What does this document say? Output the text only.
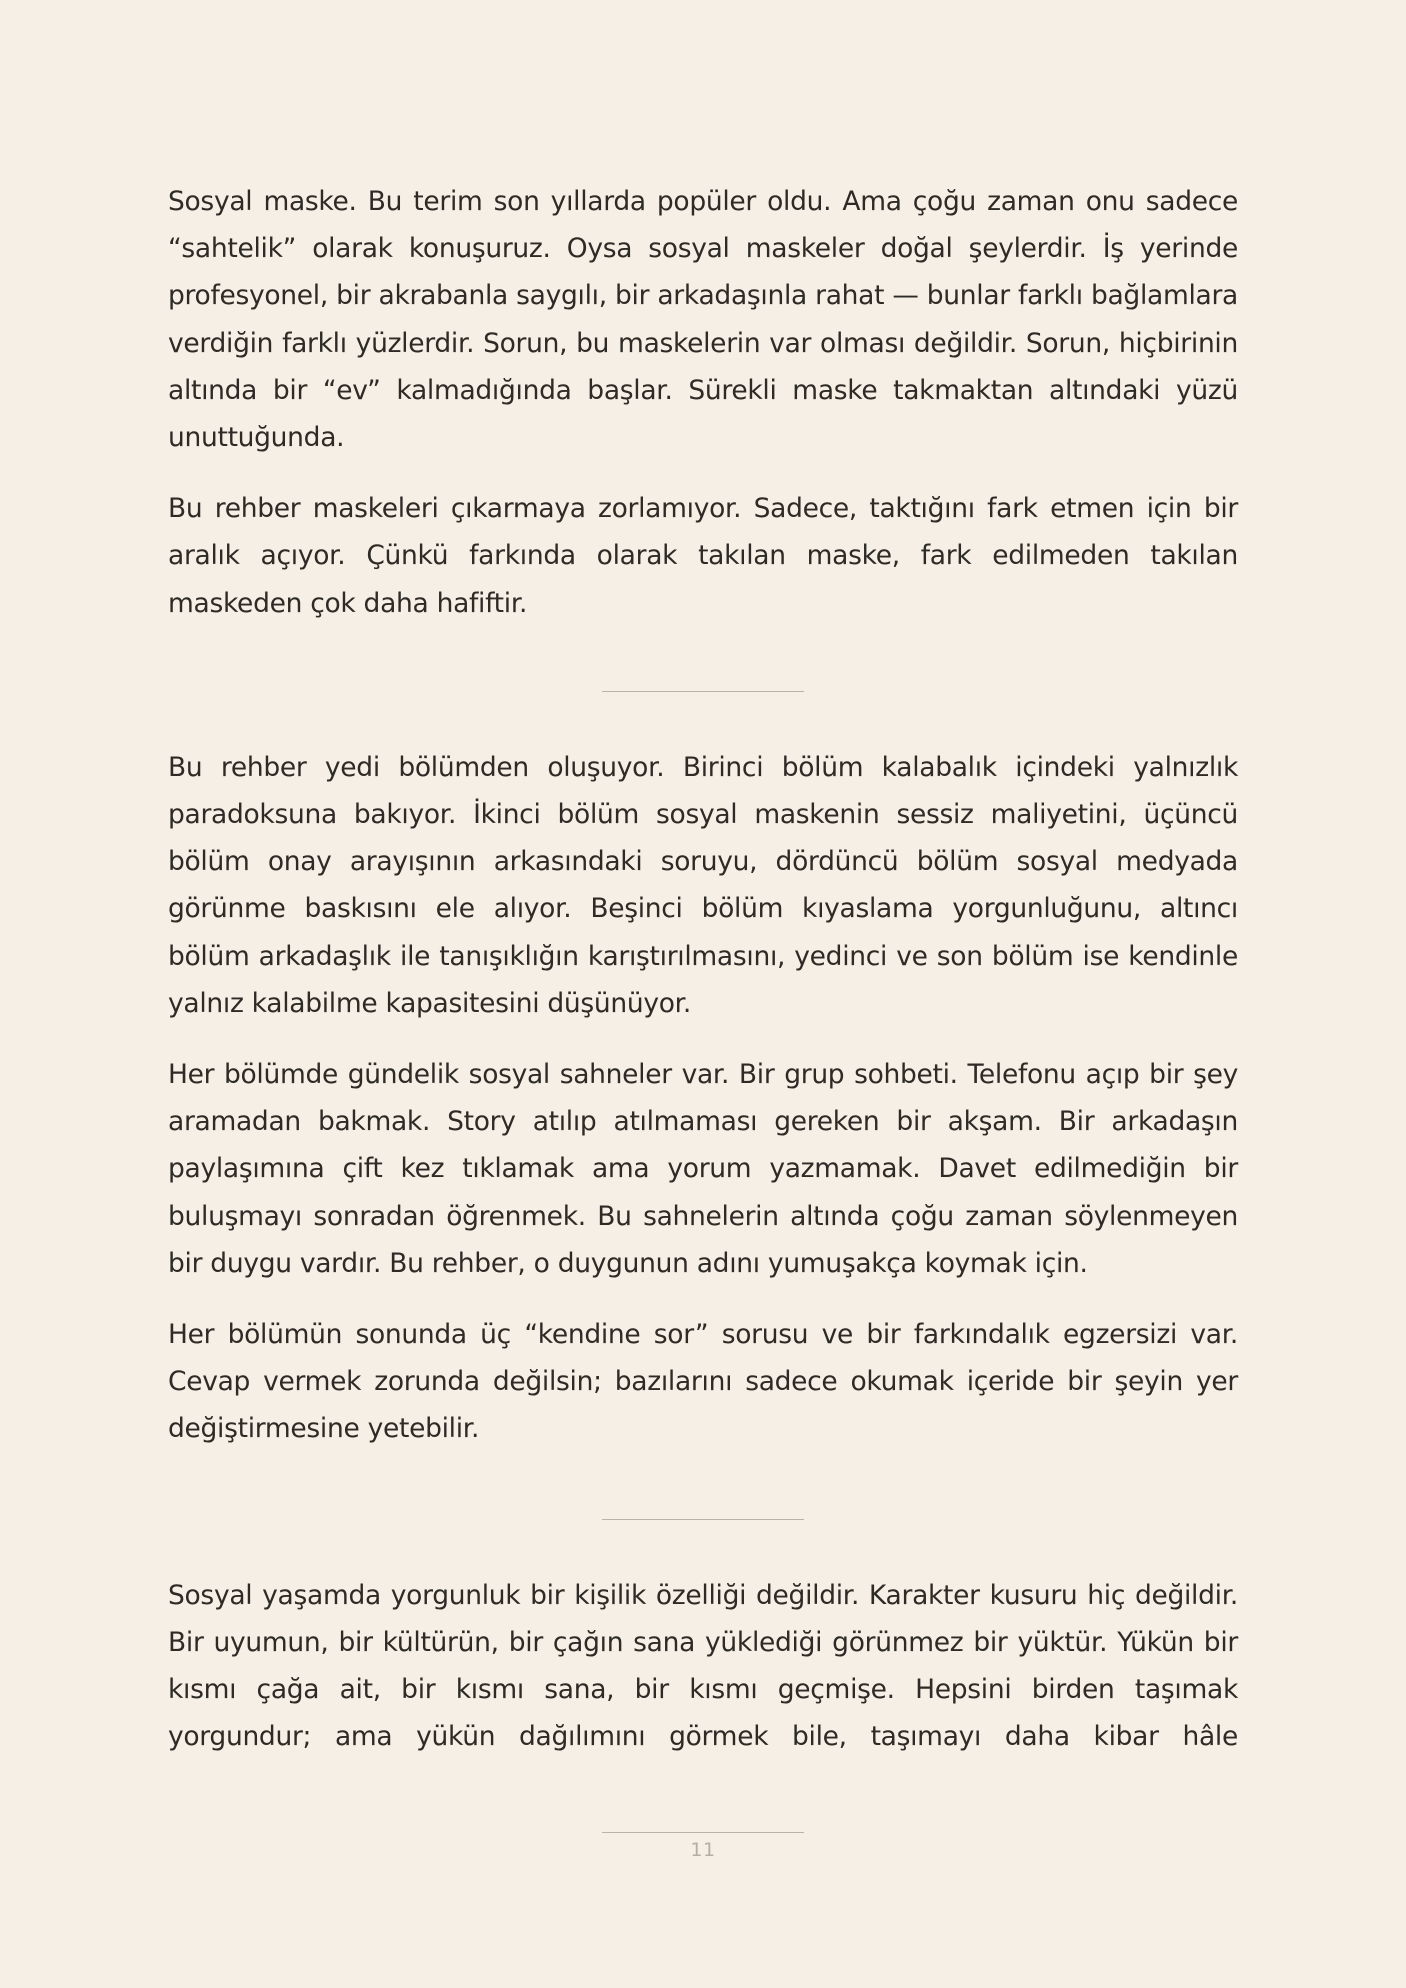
Sosyal maske. Bu terim son yıllarda popüler oldu. Ama çoğu zaman onu sadece “sahtelik” olarak konuşuruz. Oysa sosyal maskeler doğal şeylerdir. İş yerinde profesyonel, bir akrabanla saygılı, bir arkadaşınla rahat — bunlar farklı bağlamlara verdiğin farklı yüzlerdir. Sorun, bu maskelerin var olması değildir. Sorun, hiçbirinin altında bir “ev” kalmadığında başlar. Sürekli maske takmaktan altındaki yüzü unuttuğunda.

Bu rehber maskeleri çıkarmaya zorlamıyor. Sadece, taktığını fark etmen için bir aralık açıyor. Çünkü farkında olarak takılan maske, fark edilmeden takılan maskeden çok daha hafiftir.

Bu rehber yedi bölümden oluşuyor. Birinci bölüm kalabalık içindeki yalnızlık paradoksuna bakıyor. İkinci bölüm sosyal maskenin sessiz maliyetini, üçüncü bölüm onay arayışının arkasındaki soruyu, dördüncü bölüm sosyal medyada görünme baskısını ele alıyor. Beşinci bölüm kıyaslama yorgunluğunu, altıncı bölüm arkadaşlık ile tanışıklığın karıştırılmasını, yedinci ve son bölüm ise kendinle yalnız kalabilme kapasitesini düşünüyor.

Her bölümde gündelik sosyal sahneler var. Bir grup sohbeti. Telefonu açıp bir şey aramadan bakmak. Story atılıp atılmaması gereken bir akşam. Bir arkadaşın paylaşımına çift kez tıklamak ama yorum yazmamak. Davet edilmediğin bir buluşmayı sonradan öğrenmek. Bu sahnelerin altında çoğu zaman söylenmeyen bir duygu vardır. Bu rehber, o duygunun adını yumuşakça koymak için.

Her bölümün sonunda üç “kendine sor” sorusu ve bir farkındalık egzersizi var. Cevap vermek zorunda değilsin; bazılarını sadece okumak içeride bir şeyin yer değiştirmesine yetebilir.

Sosyal yaşamda yorgunluk bir kişilik özelliği değildir. Karakter kusuru hiç değildir. Bir uyumun, bir kültürün, bir çağın sana yüklediği görünmez bir yüktür. Yükün bir kısmı çağa ait, bir kısmı sana, bir kısmı geçmişe. Hepsini birden taşımak yorgundur; ama yükün dağılımını görmek bile, taşımayı daha kibar hâle

11
